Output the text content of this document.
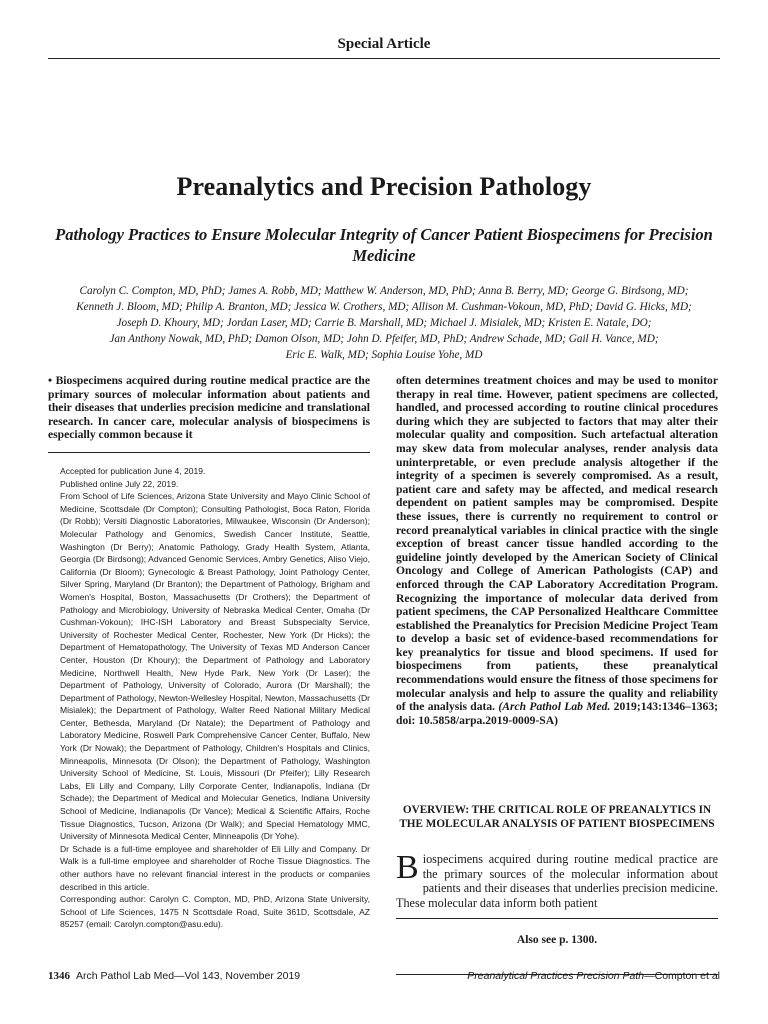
Special Article
Preanalytics and Precision Pathology
Pathology Practices to Ensure Molecular Integrity of Cancer Patient Biospecimens for Precision Medicine
Carolyn C. Compton, MD, PhD; James A. Robb, MD; Matthew W. Anderson, MD, PhD; Anna B. Berry, MD; George G. Birdsong, MD;
Kenneth J. Bloom, MD; Philip A. Branton, MD; Jessica W. Crothers, MD; Allison M. Cushman-Vokoun, MD, PhD; David G. Hicks, MD;
Joseph D. Khoury, MD; Jordan Laser, MD; Carrie B. Marshall, MD; Michael J. Misialek, MD; Kristen E. Natale, DO;
Jan Anthony Nowak, MD, PhD; Damon Olson, MD; John D. Pfeifer, MD, PhD; Andrew Schade, MD; Gail H. Vance, MD;
Eric E. Walk, MD; Sophia Louise Yohe, MD
• Biospecimens acquired during routine medical practice are the primary sources of molecular information about patients and their diseases that underlies precision medicine and translational research. In cancer care, molecular analysis of biospecimens is especially common because it
often determines treatment choices and may be used to monitor therapy in real time. However, patient specimens are collected, handled, and processed according to routine clinical procedures during which they are subjected to factors that may alter their molecular quality and composition. Such artefactual alteration may skew data from molecular analyses, render analysis data uninterpretable, or even preclude analysis altogether if the integrity of a specimen is severely compromised. As a result, patient care and safety may be affected, and medical research dependent on patient samples may be compromised. Despite these issues, there is currently no requirement to control or record preanalytical variables in clinical practice with the single exception of breast cancer tissue handled according to the guideline jointly developed by the American Society of Clinical Oncology and College of American Pathologists (CAP) and enforced through the CAP Laboratory Accreditation Program. Recognizing the importance of molecular data derived from patient specimens, the CAP Personalized Healthcare Committee established the Preanalytics for Precision Medicine Project Team to develop a basic set of evidence-based recommendations for key preanalytics for tissue and blood specimens. If used for biospecimens from patients, these preanalytical recommendations would ensure the fitness of those specimens for molecular analysis and help to assure the quality and reliability of the analysis data. (Arch Pathol Lab Med. 2019;143:1346–1363; doi: 10.5858/arpa.2019-0009-SA)

Accepted for publication June 4, 2019.

Published online July 22, 2019.

From School of Life Sciences, Arizona State University and Mayo Clinic School of Medicine, Scottsdale (Dr Compton); Consulting Pathologist, Boca Raton, Florida (Dr Robb); Versiti Diagnostic Laboratories, Milwaukee, Wisconsin (Dr Anderson); Molecular Pathology and Genomics, Swedish Cancer Institute, Seattle, Washington (Dr Berry); Anatomic Pathology, Grady Health System, Atlanta, Georgia (Dr Birdsong); Advanced Genomic Services, Ambry Genetics, Aliso Viejo, California (Dr Bloom); Gynecologic & Breast Pathology, Joint Pathology Center, Silver Spring, Maryland (Dr Branton); the Department of Pathology, Brigham and Women's Hospital, Boston, Massachusetts (Dr Crothers); the Department of Pathology and Microbiology, University of Nebraska Medical Center, Omaha (Dr Cushman-Vokoun); IHC-ISH Laboratory and Breast Subspecialty Service, University of Rochester Medical Center, Rochester, New York (Dr Hicks); the Department of Hematopathology, The University of Texas MD Anderson Cancer Center, Houston (Dr Khoury); the Department of Pathology and Laboratory Medicine, Northwell Health, New Hyde Park, New York (Dr Laser); the Department of Pathology, University of Colorado, Aurora (Dr Marshall); the Department of Pathology, Newton-Wellesley Hospital, Newton, Massachusetts (Dr Misialek); the Department of Pathology, Walter Reed National Military Medical Center, Bethesda, Maryland (Dr Natale); the Department of Pathology and Laboratory Medicine, Roswell Park Comprehensive Cancer Center, Buffalo, New York (Dr Nowak); the Department of Pathology, Children's Hospitals and Clinics, Minneapolis, Minnesota (Dr Olson); the Department of Pathology, Washington University School of Medicine, St. Louis, Missouri (Dr Pfeifer); Lilly Research Labs, Eli Lilly and Company, Lilly Corporate Center, Indianapolis, Indiana (Dr Schade); the Department of Medical and Molecular Genetics, Indiana University School of Medicine, Indianapolis (Dr Vance); Medical & Scientific Affairs, Roche Tissue Diagnostics, Tucson, Arizona (Dr Walk); and Special Hematology MMC, University of Minnesota Medical Center, Minneapolis (Dr Yohe).

Dr Schade is a full-time employee and shareholder of Eli Lilly and Company. Dr Walk is a full-time employee and shareholder of Roche Tissue Diagnostics. The other authors have no relevant financial interest in the products or companies described in this article.

Corresponding author: Carolyn C. Compton, MD, PhD, Arizona State University, School of Life Sciences, 1475 N Scottsdale Road, Suite 361D, Scottsdale, AZ 85257 (email: Carolyn.compton@asu.edu).

OVERVIEW: THE CRITICAL ROLE OF PREANALYTICS IN THE MOLECULAR ANALYSIS OF PATIENT BIOSPECIMENS
Biospecimens acquired during routine medical practice are the primary sources of the molecular information about patients and their diseases that underlies precision medicine. These molecular data inform both patient
Also see p. 1300.
1346 Arch Pathol Lab Med—Vol 143, November 2019	Preanalytical Practices Precision Path—Compton et al
